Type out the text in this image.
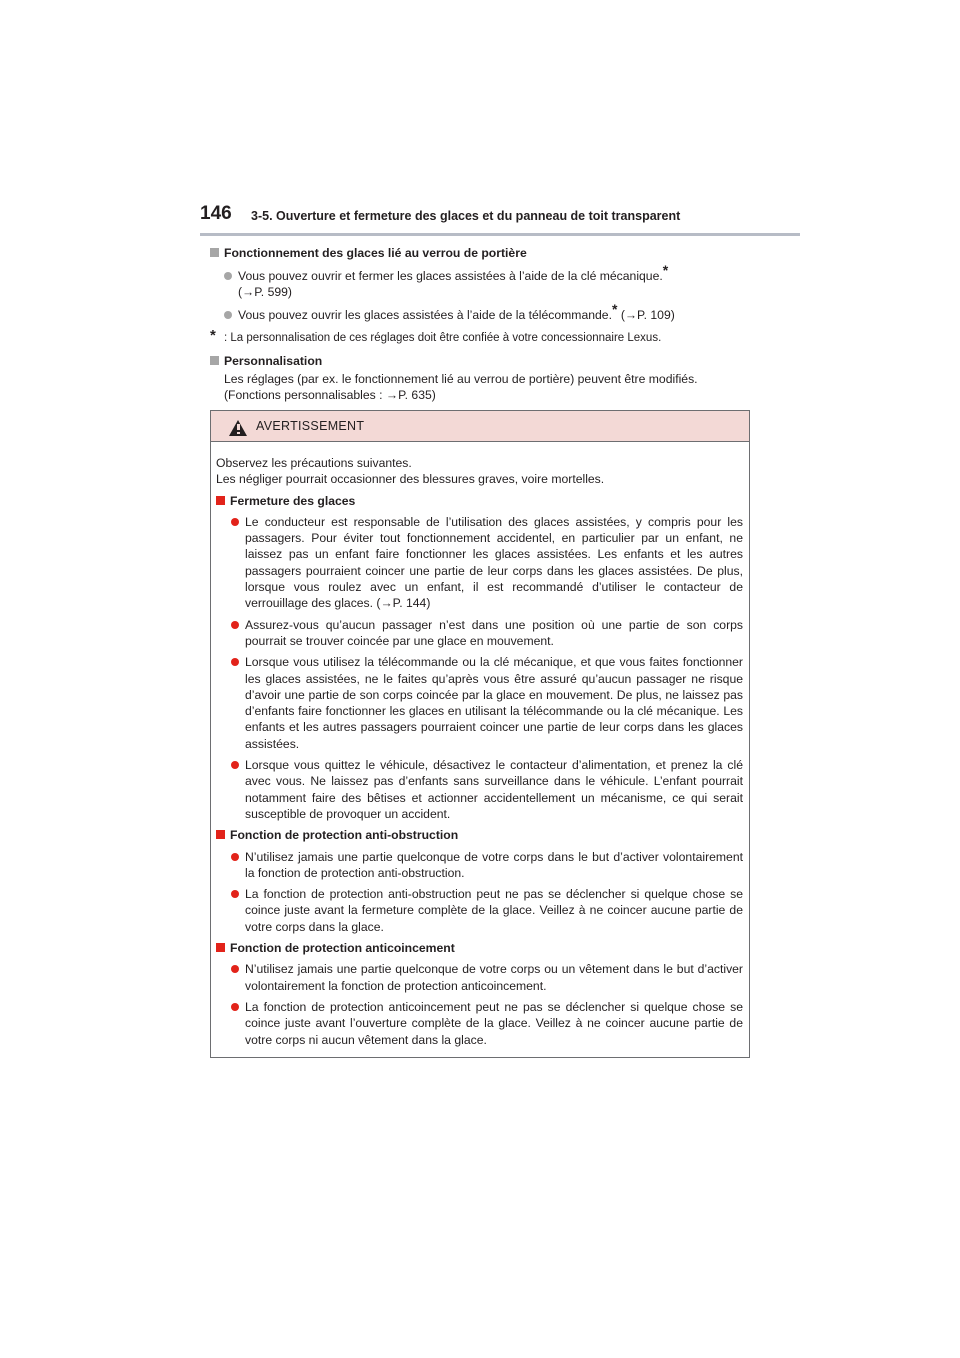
146 3-5. Ouverture et fermeture des glaces et du panneau de toit transparent
Fonctionnement des glaces lié au verrou de portière
Vous pouvez ouvrir et fermer les glaces assistées à l’aide de la clé mécanique.*
(→P. 599)
Vous pouvez ouvrir les glaces assistées à l’aide de la télécommande.* (→P. 109)
* : La personnalisation de ces réglages doit être confiée à votre concessionnaire Lexus.
Personnalisation
Les réglages (par ex. le fonctionnement lié au verrou de portière) peuvent être modifiés.
(Fonctions personnalisables : →P. 635)
AVERTISSEMENT
Observez les précautions suivantes.
Les négliger pourrait occasionner des blessures graves, voire mortelles.
Fermeture des glaces
Le conducteur est responsable de l’utilisation des glaces assistées, y compris pour les passagers. Pour éviter tout fonctionnement accidentel, en particulier par un enfant, ne laissez pas un enfant faire fonctionner les glaces assistées. Les enfants et les autres passagers pourraient coincer une partie de leur corps dans les glaces assistées. De plus, lorsque vous roulez avec un enfant, il est recommandé d’utiliser le contacteur de verrouillage des glaces. (→P. 144)
Assurez-vous qu’aucun passager n’est dans une position où une partie de son corps pourrait se trouver coincée par une glace en mouvement.
Lorsque vous utilisez la télécommande ou la clé mécanique, et que vous faites fonctionner les glaces assistées, ne le faites qu’après vous être assuré qu’aucun passager ne risque d’avoir une partie de son corps coincée par la glace en mouvement. De plus, ne laissez pas d’enfants faire fonctionner les glaces en utilisant la télécommande ou la clé mécanique. Les enfants et les autres passagers pourraient coincer une partie de leur corps dans les glaces assistées.
Lorsque vous quittez le véhicule, désactivez le contacteur d’alimentation, et prenez la clé avec vous. Ne laissez pas d’enfants sans surveillance dans le véhicule. L’enfant pourrait notamment faire des bêtises et actionner accidentellement un mécanisme, ce qui serait susceptible de provoquer un accident.
Fonction de protection anti-obstruction
N’utilisez jamais une partie quelconque de votre corps dans le but d’activer volontairement la fonction de protection anti-obstruction.
La fonction de protection anti-obstruction peut ne pas se déclencher si quelque chose se coince juste avant la fermeture complète de la glace. Veillez à ne coincer aucune partie de votre corps dans la glace.
Fonction de protection anticoincement
N’utilisez jamais une partie quelconque de votre corps ou un vêtement dans le but d’activer volontairement la fonction de protection anticoincement.
La fonction de protection anticoincement peut ne pas se déclencher si quelque chose se coince juste avant l’ouverture complète de la glace. Veillez à ne coincer aucune partie de votre corps ni aucun vêtement dans la glace.
